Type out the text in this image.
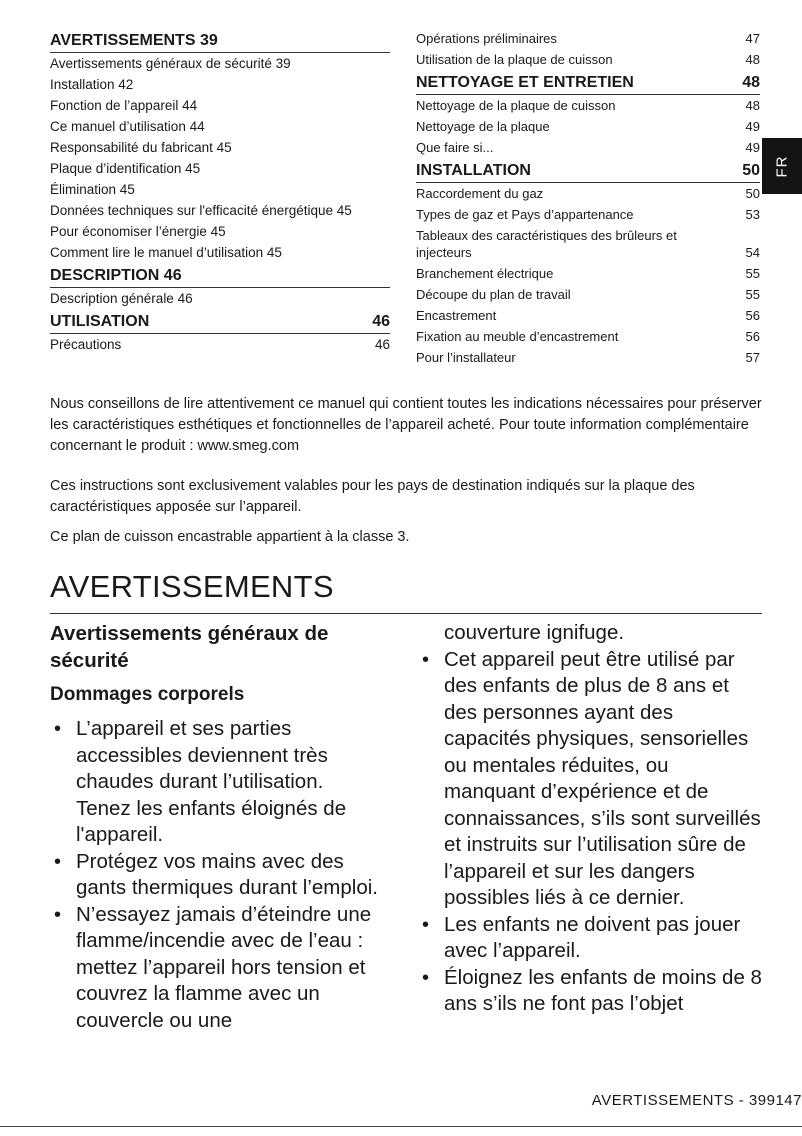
AVERTISSEMENTS 39
Avertissements généraux de sécurité 39
Installation 42
Fonction de l’appareil 44
Ce manuel d’utilisation 44
Responsabilité du fabricant 45
Plaque d’identification 45
Élimination 45
Données techniques sur l'efficacité énergétique 45
Pour économiser l’énergie 45
Comment lire le manuel d’utilisation 45
DESCRIPTION 46
Description générale 46
UTILISATION	46
Précautions	46
Opérations préliminaires	47
Utilisation de la plaque de cuisson	48
NETTOYAGE ET ENTRETIEN	48
Nettoyage de la plaque de cuisson	48
Nettoyage de la plaque	49
Que faire si...	49
INSTALLATION	50
Raccordement du gaz	50
Types de gaz et Pays d’appartenance	53
Tableaux des caractéristiques des brûleurs et injecteurs	54
Branchement électrique	55
Découpe du plan de travail	55
Encastrement	56
Fixation au meuble d’encastrement	56
Pour l’installateur	57
FR
Nous conseillons de lire attentivement ce manuel qui contient toutes les indications nécessaires pour préserver les caractéristiques esthétiques et fonctionnelles de l’appareil acheté. Pour toute information complémentaire concernant le produit : www.smeg.com
Ces instructions sont exclusivement valables pour les pays de destination indiqués sur la plaque des caractéristiques apposée sur l’appareil.
Ce plan de cuisson encastrable appartient à la classe 3.
AVERTISSEMENTS
Avertissements généraux de sécurité
Dommages corporels
• L’appareil et ses parties accessibles deviennent très chaudes durant l’utilisation. Tenez les enfants éloignés de l'appareil.
• Protégez vos mains avec des gants thermiques durant l’emploi.
• N’essayez jamais d’éteindre une flamme/incendie avec de l’eau : mettez l’appareil hors tension et couvrez la flamme avec un couvercle ou une
couverture ignifuge.
• Cet appareil peut être utilisé par des enfants de plus de 8 ans et des personnes ayant des capacités physiques, sensorielles ou mentales réduites, ou manquant d’expérience et de connaissances, s’ils sont surveillés et instruits sur l’utilisation sûre de l’appareil et sur les dangers possibles liés à ce dernier.
• Les enfants ne doivent pas jouer avec l’appareil.
• Éloignez les enfants de moins de 8 ans s’ils ne font pas l’objet
AVERTISSEMENTS - 399147
